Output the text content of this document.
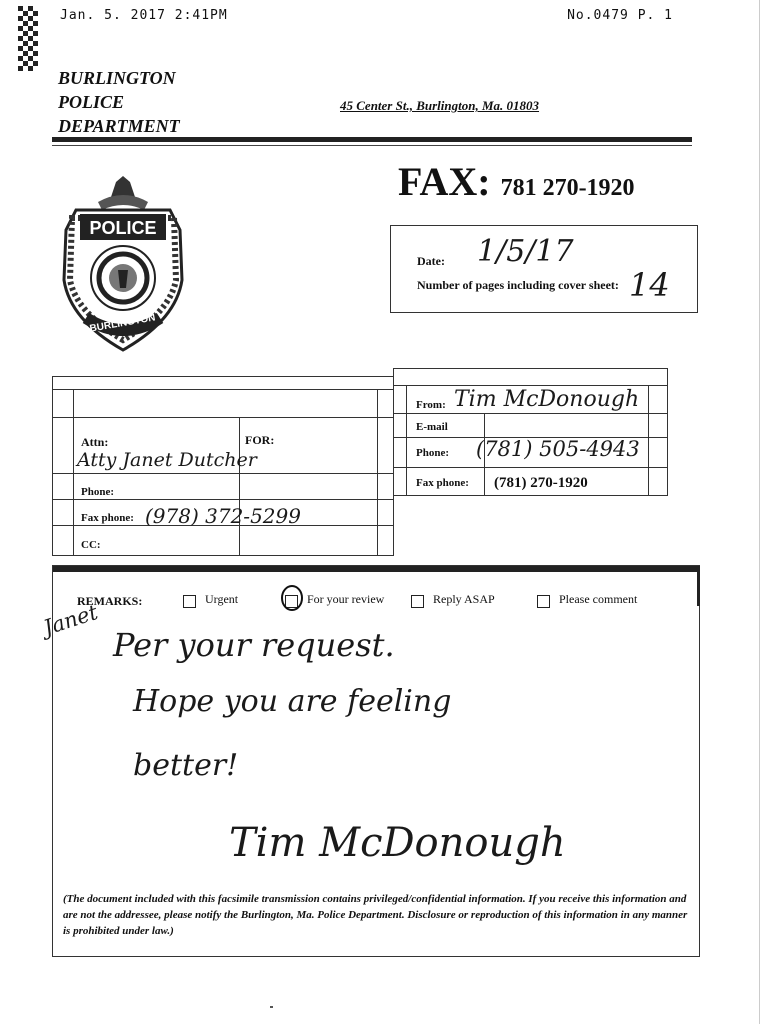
Jan. 5. 2017 2:41PM	No.0479 P. 1
BURLINGTON
POLICE
DEPARTMENT
45 Center St., Burlington, Ma. 01803
FAX: 781 270-1920
POLICE
BURLINGTON
Date: 1/5/17
Number of pages including cover sheet: 14
Attn:	FOR:
Atty Janet Dutcher
Phone:
Fax phone: (978) 372-5299
CC:
From: Tim McDonough
E-mail
Phone: (781) 505-4943
Fax phone: (781) 270-1920
REMARKS:	Urgent	For your review	Reply ASAP	Please comment
Janet
Per your request.
Hope you are feeling
better!
Tim McDonough
(The document included with this facsimile transmission contains privileged/confidential information. If you receive this information and are not the addressee, please notify the Burlington, Ma. Police Department. Disclosure or reproduction of this information in any manner is prohibited under law.)
